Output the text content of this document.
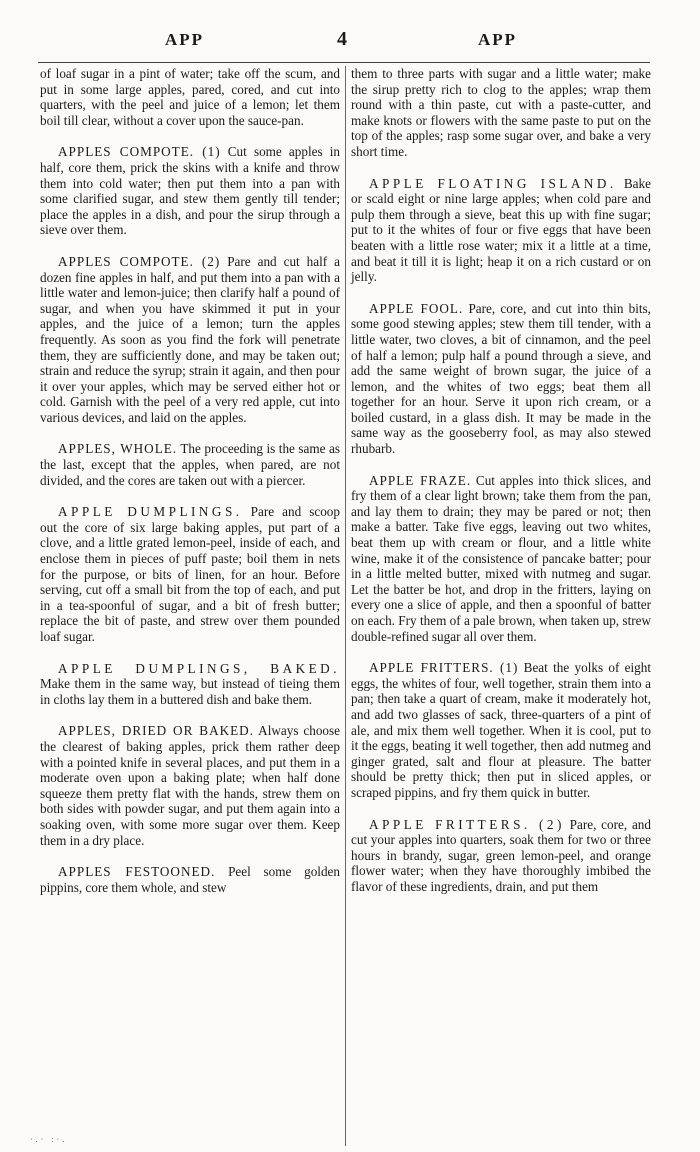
APP	4	APP

of loaf sugar in a pint of water; take off the scum, and put in some large apples, pared, cored, and cut into quarters, with the peel and juice of a lemon; let them boil till clear, without a cover upon the sauce-pan.

APPLES COMPOTE. (1) Cut some apples in half, core them, prick the skins with a knife and throw them into cold water; then put them into a pan with some clarified sugar, and stew them gently till tender; place the apples in a dish, and pour the sirup through a sieve over them.

APPLES COMPOTE. (2) Pare and cut half a dozen fine apples in half, and put them into a pan with a little water and lemon-juice; then clarify half a pound of sugar, and when you have skimmed it put in your apples, and the juice of a lemon; turn the apples frequently. As soon as you find the fork will penetrate them, they are sufficiently done, and may be taken out; strain and reduce the syrup; strain it again, and then pour it over your apples, which may be served either hot or cold. Garnish with the peel of a very red apple, cut into various devices, and laid on the apples.

APPLES, WHOLE. The proceeding is the same as the last, except that the apples, when pared, are not divided, and the cores are taken out with a piercer.

APPLE DUMPLINGS. Pare and scoop out the core of six large baking apples, put part of a clove, and a little grated lemon-peel, inside of each, and enclose them in pieces of puff paste; boil them in nets for the purpose, or bits of linen, for an hour. Before serving, cut off a small bit from the top of each, and put in a tea-spoonful of sugar, and a bit of fresh butter; replace the bit of paste, and strew over them pounded loaf sugar.

APPLE DUMPLINGS, BAKED. Make them in the same way, but instead of tieing them in cloths lay them in a buttered dish and bake them.

APPLES, DRIED OR BAKED. Always choose the clearest of baking apples, prick them rather deep with a pointed knife in several places, and put them in a moderate oven upon a baking plate; when half done squeeze them pretty flat with the hands, strew them on both sides with powder sugar, and put them again into a soaking oven, with some more sugar over them. Keep them in a dry place.

APPLES FESTOONED. Peel some golden pippins, core them whole, and stew

them to three parts with sugar and a little water; make the sirup pretty rich to clog to the apples; wrap them round with a thin paste, cut with a paste-cutter, and make knots or flowers with the same paste to put on the top of the apples; rasp some sugar over, and bake a very short time.

APPLE FLOATING ISLAND. Bake or scald eight or nine large apples; when cold pare and pulp them through a sieve, beat this up with fine sugar; put to it the whites of four or five eggs that have been beaten with a little rose water; mix it a little at a time, and beat it till it is light; heap it on a rich custard or on jelly.

APPLE FOOL. Pare, core, and cut into thin bits, some good stewing apples; stew them till tender, with a little water, two cloves, a bit of cinnamon, and the peel of half a lemon; pulp half a pound through a sieve, and add the same weight of brown sugar, the juice of a lemon, and the whites of two eggs; beat them all together for an hour. Serve it upon rich cream, or a boiled custard, in a glass dish. It may be made in the same way as the gooseberry fool, as may also stewed rhubarb.

APPLE FRAZE. Cut apples into thick slices, and fry them of a clear light brown; take them from the pan, and lay them to drain; they may be pared or not; then make a batter. Take five eggs, leaving out two whites, beat them up with cream or flour, and a little white wine, make it of the consistence of pancake batter; pour in a little melted butter, mixed with nutmeg and sugar. Let the batter be hot, and drop in the fritters, laying on every one a slice of apple, and then a spoonful of batter on each. Fry them of a pale brown, when taken up, strew double-refined sugar all over them.

APPLE FRITTERS. (1) Beat the yolks of eight eggs, the whites of four, well together, strain them into a pan; then take a quart of cream, make it moderately hot, and add two glasses of sack, three-quarters of a pint of ale, and mix them well together. When it is cool, put to it the eggs, beating it well together, then add nutmeg and ginger grated, salt and flour at pleasure. The batter should be pretty thick; then put in sliced apples, or scraped pippins, and fry them quick in butter.

APPLE FRITTERS. (2) Pare, core, and cut your apples into quarters, soak them for two or three hours in brandy, sugar, green lemon-peel, and orange flower water; when they have thoroughly imbibed the flavor of these ingredients, drain, and put them

·.· :·.
